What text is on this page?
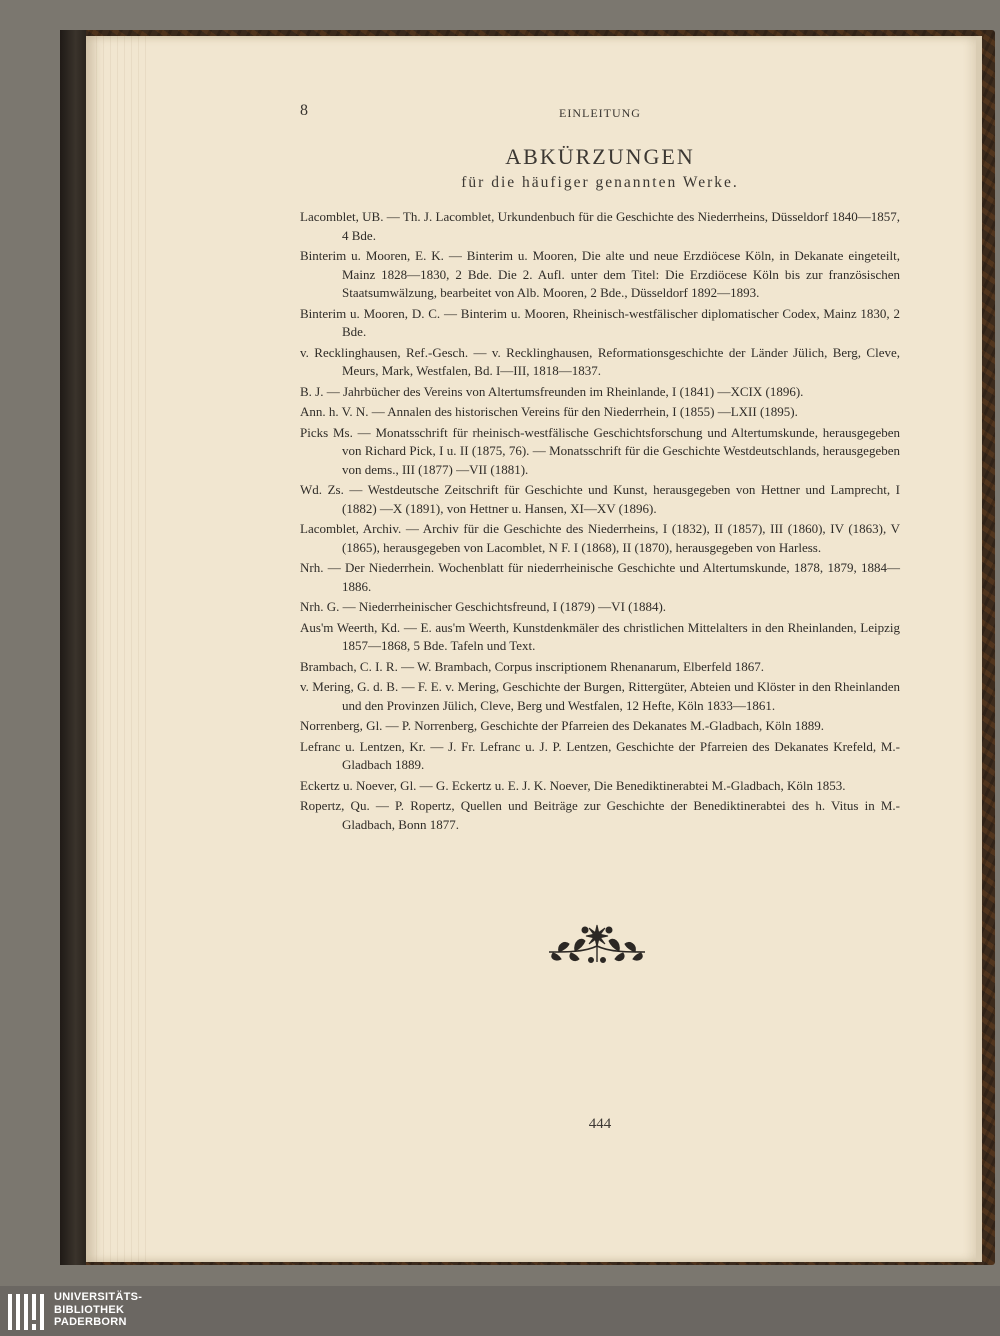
8	EINLEITUNG
ABKÜRZUNGEN
für die häufiger genannten Werke.

Lacomblet, UB. — Th. J. Lacomblet, Urkundenbuch für die Geschichte des Niederrheins, Düsseldorf 1840—1857, 4 Bde.

Binterim u. Mooren, E. K. — Binterim u. Mooren, Die alte und neue Erzdiöcese Köln, in Dekanate eingeteilt, Mainz 1828—1830, 2 Bde. Die 2. Aufl. unter dem Titel: Die Erzdiöcese Köln bis zur französischen Staatsumwälzung, bearbeitet von Alb. Mooren, 2 Bde., Düsseldorf 1892—1893.

Binterim u. Mooren, D. C. — Binterim u. Mooren, Rheinisch-westfälischer diplomatischer Codex, Mainz 1830, 2 Bde.

v. Recklinghausen, Ref.-Gesch. — v. Recklinghausen, Reformationsgeschichte der Länder Jülich, Berg, Cleve, Meurs, Mark, Westfalen, Bd. I—III, 1818—1837.

B. J. — Jahrbücher des Vereins von Altertumsfreunden im Rheinlande, I (1841) —XCIX (1896).

Ann. h. V. N. — Annalen des historischen Vereins für den Niederrhein, I (1855) —LXII (1895).

Picks Ms. — Monatsschrift für rheinisch-westfälische Geschichtsforschung und Altertumskunde, herausgegeben von Richard Pick, I u. II (1875, 76). — Monatsschrift für die Geschichte Westdeutschlands, herausgegeben von dems., III (1877) —VII (1881).

Wd. Zs. — Westdeutsche Zeitschrift für Geschichte und Kunst, herausgegeben von Hettner und Lamprecht, I (1882) —X (1891), von Hettner u. Hansen, XI—XV (1896).

Lacomblet, Archiv. — Archiv für die Geschichte des Niederrheins, I (1832), II (1857), III (1860), IV (1863), V (1865), herausgegeben von Lacomblet, N F. I (1868), II (1870), herausgegeben von Harless.

Nrh. — Der Niederrhein. Wochenblatt für niederrheinische Geschichte und Altertumskunde, 1878, 1879, 1884—1886.

Nrh. G. — Niederrheinischer Geschichtsfreund, I (1879) —VI (1884).

Aus'm Weerth, Kd. — E. aus'm Weerth, Kunstdenkmäler des christlichen Mittelalters in den Rheinlanden, Leipzig 1857—1868, 5 Bde. Tafeln und Text.

Brambach, C. I. R. — W. Brambach, Corpus inscriptionem Rhenanarum, Elberfeld 1867.

v. Mering, G. d. B. — F. E. v. Mering, Geschichte der Burgen, Rittergüter, Abteien und Klöster in den Rheinlanden und den Provinzen Jülich, Cleve, Berg und Westfalen, 12 Hefte, Köln 1833—1861.

Norrenberg, Gl. — P. Norrenberg, Geschichte der Pfarreien des Dekanates M.-Gladbach, Köln 1889.

Lefranc u. Lentzen, Kr. — J. Fr. Lefranc u. J. P. Lentzen, Geschichte der Pfarreien des Dekanates Krefeld, M.-Gladbach 1889.

Eckertz u. Noever, Gl. — G. Eckertz u. E. J. K. Noever, Die Benediktinerabtei M.-Gladbach, Köln 1853.

Ropertz, Qu. — P. Ropertz, Quellen und Beiträge zur Geschichte der Benediktinerabtei des h. Vitus in M.-Gladbach, Bonn 1877.

444
UNIVERSITÄTS-
BIBLIOTHEK
PADERBORN
